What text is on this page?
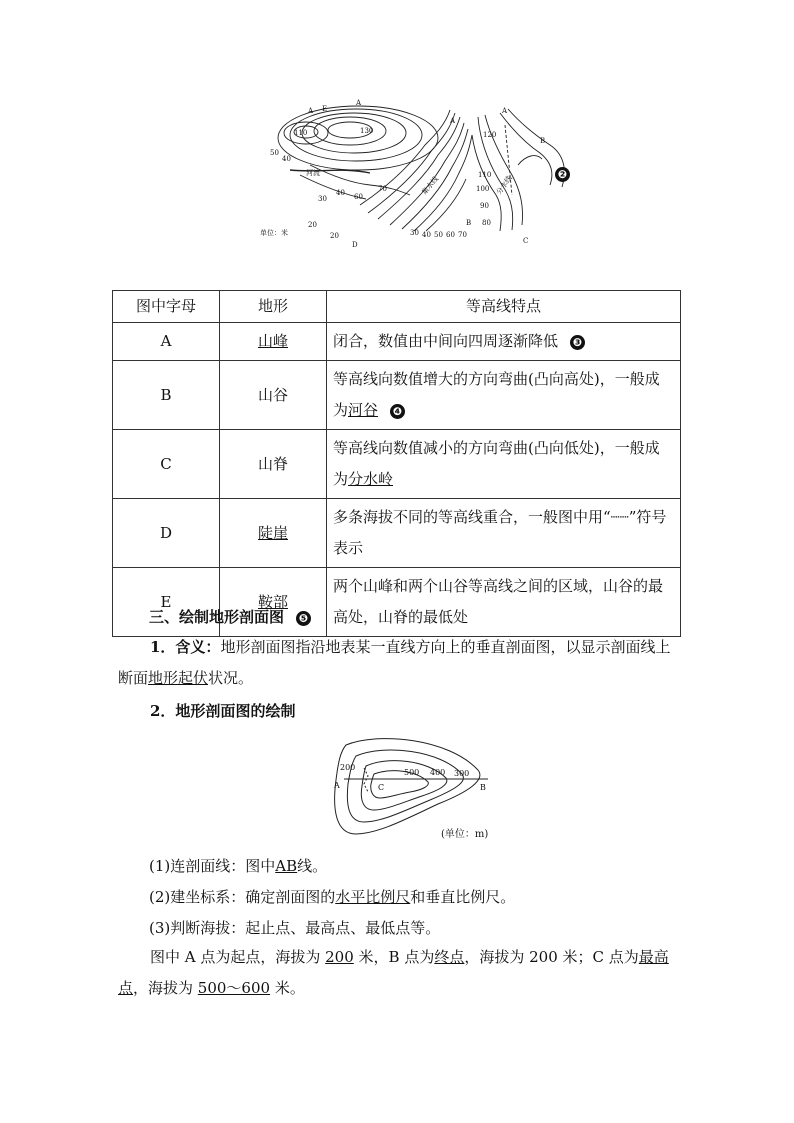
A E
A
A
A
B
B
C
D
110	130	120
110
100
90
80
50
40
30
20
40 60
70
20	30 40 50 60 70
河流
集水线	分水线
单位：米
❷
图中字母	地形	等高线特点
A	山峰	闭合，数值由中间向四周逐渐降低 ❸
B	山谷	等高线向数值增大的方向弯曲(凸向高处)，一般成为河谷 ❹
C	山脊	等高线向数值减小的方向弯曲(凸向低处)，一般成为分水岭
D	陡崖	多条海拔不同的等高线重合，一般图中用“┈┈”符号表示
E	鞍部	两个山峰和两个山谷等高线之间的区域，山谷的最高处，山脊的最低处
三、绘制地形剖面图 ❺
1．含义：地形剖面图指沿地表某一直线方向上的垂直剖面图，以显示剖面线上断面地形起伏状况。
2．地形剖面图的绘制
200
500 400 300
A	C	B
(单位：m)
(1)连剖面线：图中AB线。
(2)建坐标系：确定剖面图的水平比例尺和垂直比例尺。
(3)判断海拔：起止点、最高点、最低点等。
图中 A 点为起点，海拔为 200 米，B 点为终点，海拔为 200 米；C 点为最高点，海拔为 500～600 米。
